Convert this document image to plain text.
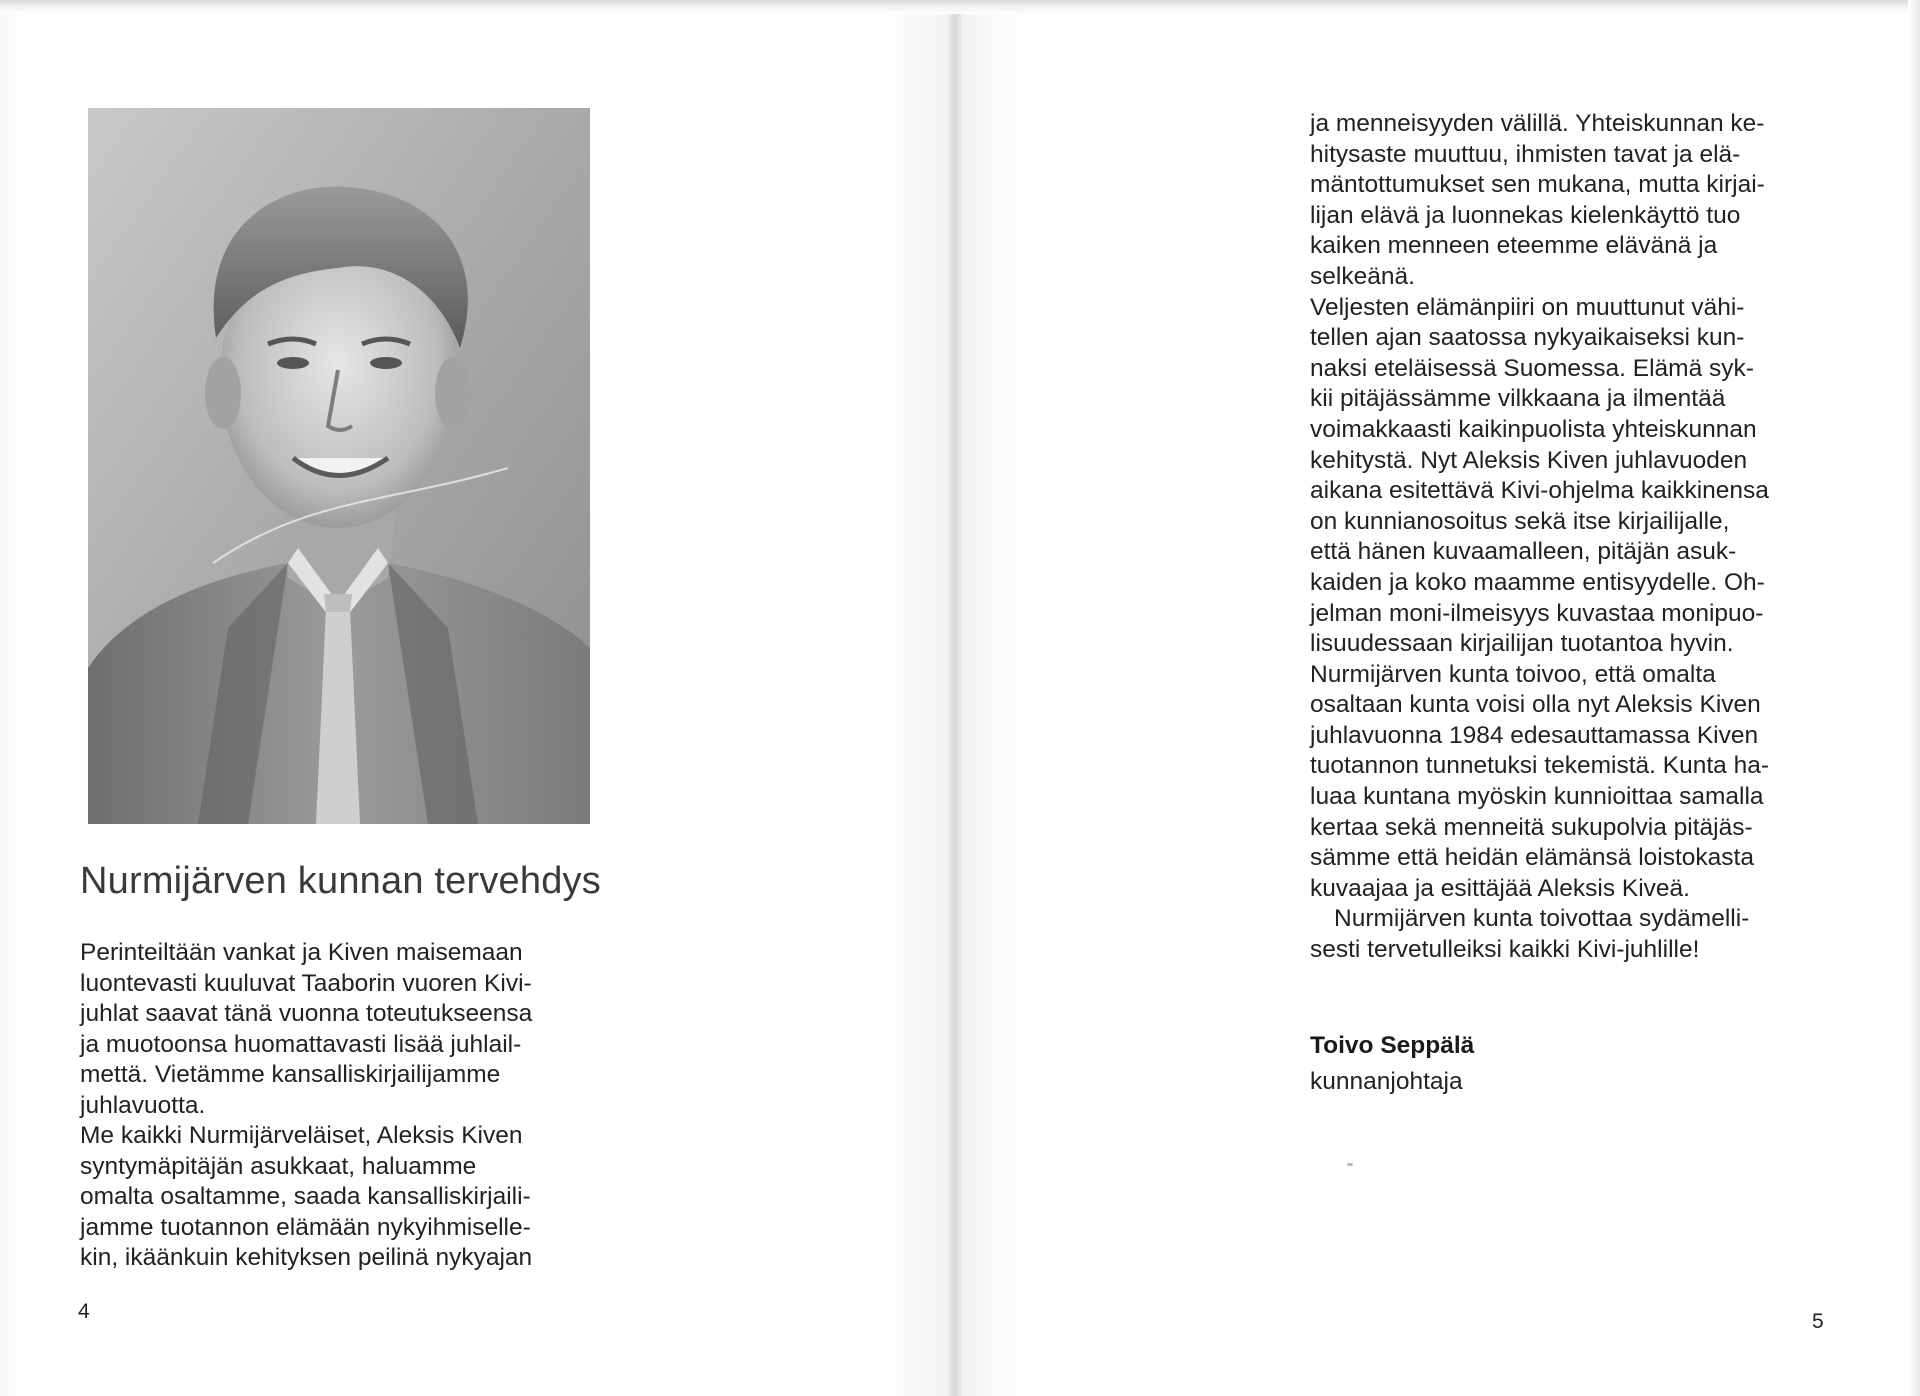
Nurmijärven kunnan tervehdys
Perinteiltään vankat ja Kiven maisemaan
luontevasti kuuluvat Taaborin vuoren Kivi-
juhlat saavat tänä vuonna toteutukseensa
ja muotoonsa huomattavasti lisää juhlail-
mettä. Vietämme kansalliskirjailijamme
juhlavuotta.
Me kaikki Nurmijärveläiset, Aleksis Kiven
syntymäpitäjän asukkaat, haluamme
omalta osaltamme, saada kansalliskirjaili-
jamme tuotannon elämään nykyihmiselle-
kin, ikäänkuin kehityksen peilinä nykyajan
4
ja menneisyyden välillä. Yhteiskunnan ke-
hitysaste muuttuu, ihmisten tavat ja elä-
mäntottumukset sen mukana, mutta kirjai-
lijan elävä ja luonnekas kielenkäyttö tuo
kaiken menneen eteemme elävänä ja
selkeänä.
Veljesten elämänpiiri on muuttunut vähi-
tellen ajan saatossa nykyaikaiseksi kun-
naksi eteläisessä Suomessa. Elämä syk-
kii pitäjässämme vilkkaana ja ilmentää
voimakkaasti kaikinpuolista yhteiskunnan
kehitystä. Nyt Aleksis Kiven juhlavuoden
aikana esitettävä Kivi-ohjelma kaikkinensa
on kunnianosoitus sekä itse kirjailijalle,
että hänen kuvaamalleen, pitäjän asuk-
kaiden ja koko maamme entisyydelle. Oh-
jelman moni-ilmeisyys kuvastaa monipuo-
lisuudessaan kirjailijan tuotantoa hyvin.
Nurmijärven kunta toivoo, että omalta
osaltaan kunta voisi olla nyt Aleksis Kiven
juhlavuonna 1984 edesauttamassa Kiven
tuotannon tunnetuksi tekemistä. Kunta ha-
luaa kuntana myöskin kunnioittaa samalla
kertaa sekä menneitä sukupolvia pitäjäs-
sämme että heidän elämänsä loistokasta
kuvaajaa ja esittäjää Aleksis Kiveä.
Nurmijärven kunta toivottaa sydämelli-
sesti tervetulleiksi kaikki Kivi-juhlille!
Toivo Seppälä
kunnanjohtaja
5
